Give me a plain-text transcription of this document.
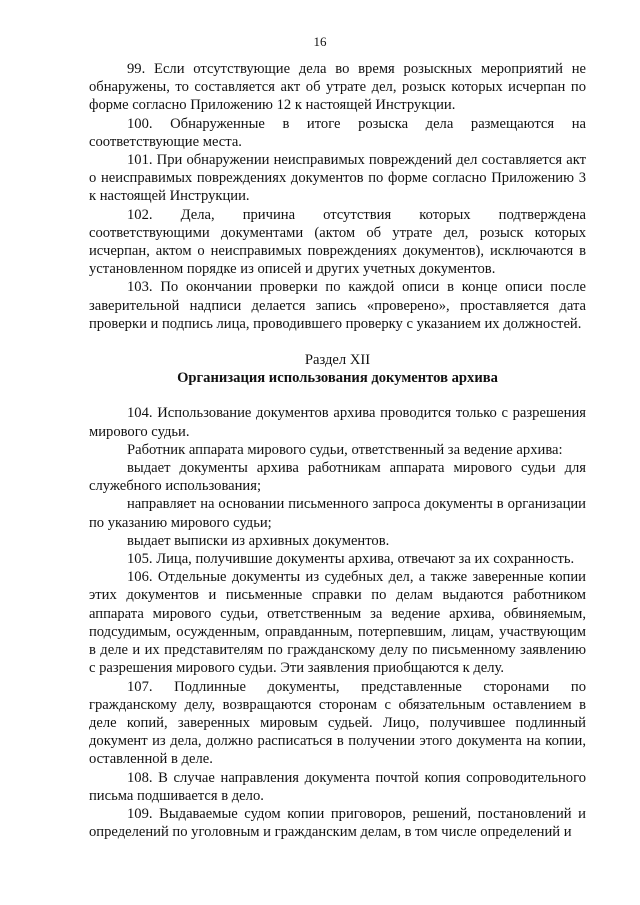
16

99. Если отсутствующие дела во время розыскных мероприятий не обнаружены, то составляется акт об утрате дел, розыск которых исчерпан по форме согласно Приложению 12 к настоящей Инструкции.

100. Обнаруженные в итоге розыска дела размещаются на соответствующие места.

101. При обнаружении неисправимых повреждений дел составляется акт о неисправимых повреждениях документов по форме согласно Приложению 3 к настоящей Инструкции.

102. Дела, причина отсутствия которых подтверждена соответствующими документами (актом об утрате дел, розыск которых исчерпан, актом о неисправимых повреждениях документов), исключаются в установленном порядке из описей и других учетных документов.

103. По окончании проверки по каждой описи в конце описи после заверительной надписи делается запись «проверено», проставляется дата проверки и подпись лица, проводившего проверку с указанием их должностей.

Раздел XII

Организация использования документов архива

104. Использование документов архива проводится только с разрешения мирового судьи.

Работник аппарата мирового судьи, ответственный за ведение архива:

выдает документы архива работникам аппарата мирового судьи для служебного использования;

направляет на основании письменного запроса документы в организации по указанию мирового судьи;

выдает выписки из архивных документов.

105. Лица, получившие документы архива, отвечают за их сохранность.

106. Отдельные документы из судебных дел, а также заверенные копии этих документов и письменные справки по делам выдаются работником аппарата мирового судьи, ответственным за ведение архива, обвиняемым, подсудимым, осужденным, оправданным, потерпевшим, лицам, участвующим в деле и их представителям по гражданскому делу по письменному заявлению с разрешения мирового судьи. Эти заявления приобщаются к делу.

107. Подлинные документы, представленные сторонами по гражданскому делу, возвращаются сторонам с обязательным оставлением в деле копий, заверенных мировым судьей. Лицо, получившее подлинный документ из дела, должно расписаться в получении этого документа на копии, оставленной в деле.

108. В случае направления документа почтой копия сопроводительного письма подшивается в дело.

109. Выдаваемые судом копии приговоров, решений, постановлений и определений по уголовным и гражданским делам, в том числе определений и
